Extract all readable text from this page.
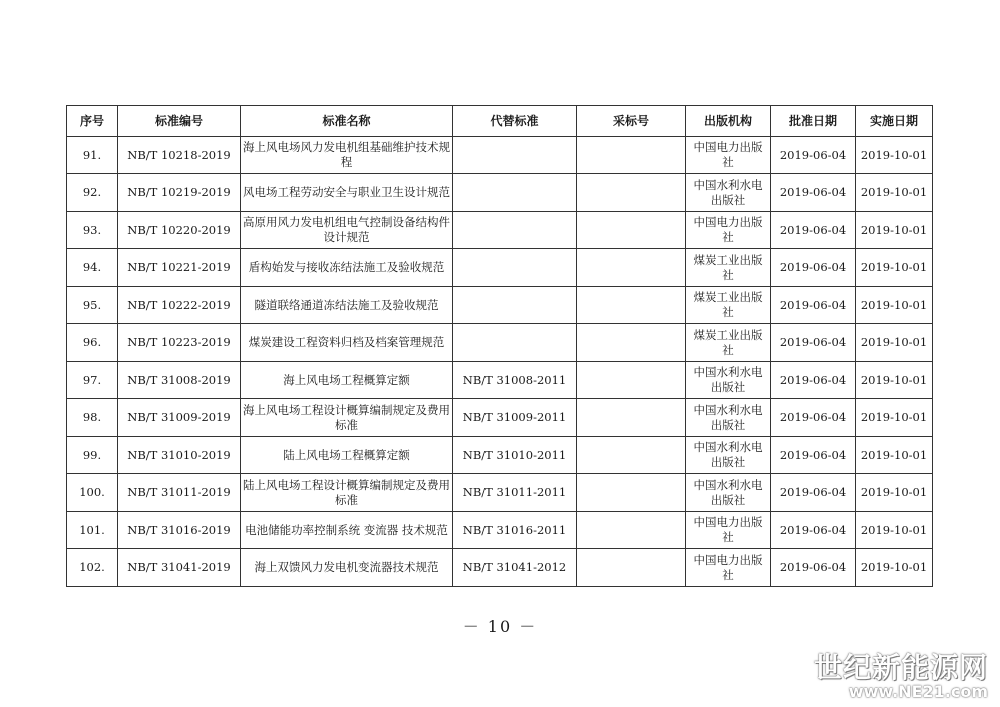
序号	标准编号	标准名称	代替标准	采标号	出版机构	批准日期	实施日期
91.	NB/T 10218-2019	海上风电场风力发电机组基础维护技术规程			中国电力出版社	2019-06-04	2019-10-01
92.	NB/T 10219-2019	风电场工程劳动安全与职业卫生设计规范			中国水利水电出版社	2019-06-04	2019-10-01
93.	NB/T 10220-2019	高原用风力发电机组电气控制设备结构件设计规范			中国电力出版社	2019-06-04	2019-10-01
94.	NB/T 10221-2019	盾构始发与接收冻结法施工及验收规范			煤炭工业出版社	2019-06-04	2019-10-01
95.	NB/T 10222-2019	隧道联络通道冻结法施工及验收规范			煤炭工业出版社	2019-06-04	2019-10-01
96.	NB/T 10223-2019	煤炭建设工程资料归档及档案管理规范			煤炭工业出版社	2019-06-04	2019-10-01
97.	NB/T 31008-2019	海上风电场工程概算定额	NB/T 31008-2011		中国水利水电出版社	2019-06-04	2019-10-01
98.	NB/T 31009-2019	海上风电场工程设计概算编制规定及费用标准	NB/T 31009-2011		中国水利水电出版社	2019-06-04	2019-10-01
99.	NB/T 31010-2019	陆上风电场工程概算定额	NB/T 31010-2011		中国水利水电出版社	2019-06-04	2019-10-01
100.	NB/T 31011-2019	陆上风电场工程设计概算编制规定及费用标准	NB/T 31011-2011		中国水利水电出版社	2019-06-04	2019-10-01
101.	NB/T 31016-2019	电池储能功率控制系统 变流器 技术规范	NB/T 31016-2011		中国电力出版社	2019-06-04	2019-10-01
102.	NB/T 31041-2019	海上双馈风力发电机变流器技术规范	NB/T 31041-2012		中国电力出版社	2019-06-04	2019-10-01
－ 10 －
世纪新能源网
www.NE21.com
